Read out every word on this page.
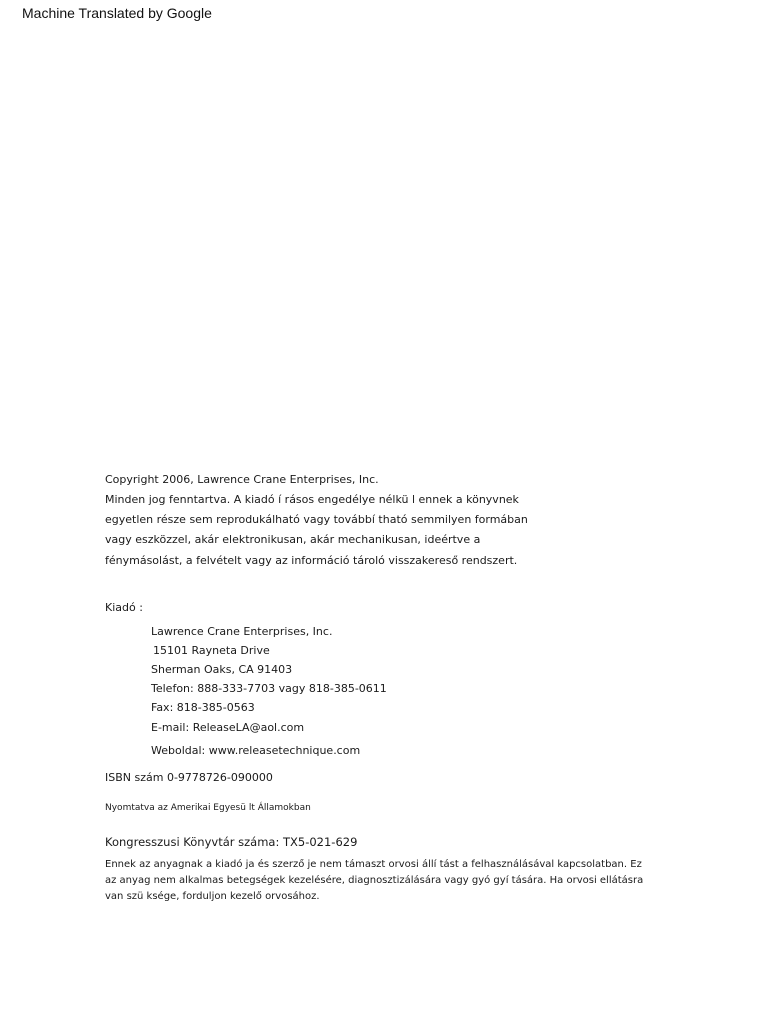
Machine Translated by Google
Copyright 2006, Lawrence Crane Enterprises, Inc.
Minden jog fenntartva. A kiadó í rásos engedélye nélkü l ennek a könyvnek
egyetlen része sem reprodukálható vagy továbbí tható semmilyen formában
vagy eszközzel, akár elektronikusan, akár mechanikusan, ideértve a
fénymásolást, a felvételt vagy az információ tároló visszakereső rendszert.
Kiadó :
Lawrence Crane Enterprises, Inc.
15101 Rayneta Drive
Sherman Oaks, CA 91403
Telefon: 888-333-7703 vagy 818-385-0611
Fax: 818-385-0563
E-mail: ReleaseLA@aol.com
Weboldal: www.releasetechnique.com
ISBN szám 0-9778726-090000
Nyomtatva az Amerikai Egyesü lt Államokban
Kongresszusi Könyvtár száma: TX5-021-629
Ennek az anyagnak a kiadó ja és szerző je nem támaszt orvosi állí tást a felhasználásával kapcsolatban. Ez
az anyag nem alkalmas betegségek kezelésére, diagnosztizálására vagy gyó gyí tására. Ha orvosi ellátásra
van szü ksége, forduljon kezelő orvosához.
